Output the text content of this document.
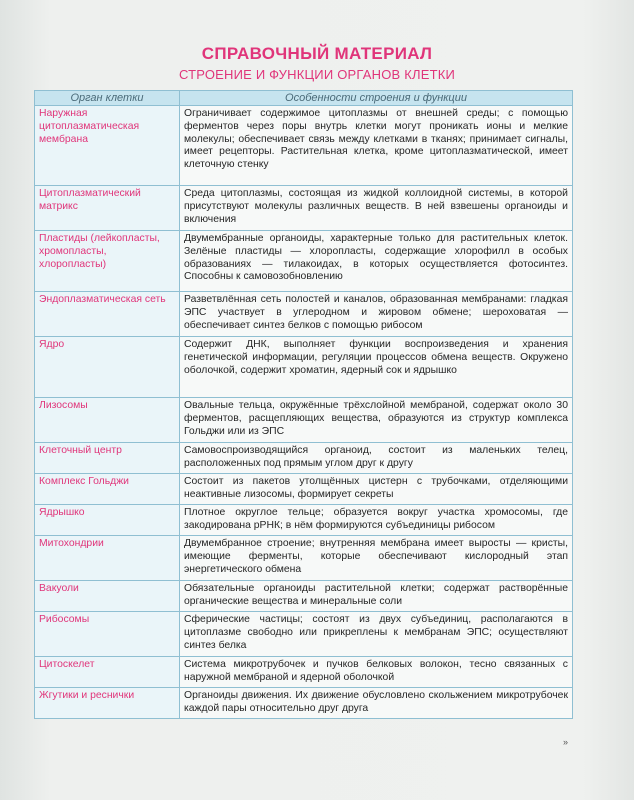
СПРАВОЧНЫЙ МАТЕРИАЛ
СТРОЕНИЕ И ФУНКЦИИ ОРГАНОВ КЛЕТКИ
Орган клетки	Особенности строения и функции
Наружная цитоплазматическая мембрана	Ограничивает содержимое цитоплазмы от внешней среды; с помощью ферментов через поры внутрь клетки могут проникать ионы и мелкие молекулы; обеспечивает связь между клетками в тканях; принимает сигналы, имеет рецепторы. Растительная клетка, кроме цитоплазматической, имеет клеточную стенку
Цитоплазматический матрикс	Среда цитоплазмы, состоящая из жидкой коллоидной системы, в которой присутствуют молекулы различных веществ. В ней взвешены органоиды и включения
Пластиды (лейкопласты, хромопласты, хлоропласты)	Двумембранные органоиды, характерные только для растительных клеток. Зелёные пластиды — хлоропласты, содержащие хлорофилл в особых образованиях — тилакоидах, в которых осуществляется фотосинтез. Способны к самовозобновлению
Эндоплазматическая сеть	Разветвлённая сеть полостей и каналов, образованная мембранами: гладкая ЭПС участвует в углеродном и жировом обмене; шероховатая — обеспечивает синтез белков с помощью рибосом
Ядро	Содержит ДНК, выполняет функции воспроизведения и хранения генетической информации, регуляции процессов обмена веществ. Окружено оболочкой, содержит хроматин, ядерный сок и ядрышко
Лизосомы	Овальные тельца, окружённые трёхслойной мембраной, содержат около 30 ферментов, расщепляющих вещества, образуются из структур комплекса Гольджи или из ЭПС
Клеточный центр	Самовоспроизводящийся органоид, состоит из маленьких телец, расположенных под прямым углом друг к другу
Комплекс Гольджи	Состоит из пакетов утолщённых цистерн с трубочками, отделяющими неактивные лизосомы, формирует секреты
Ядрышко	Плотное округлое тельце; образуется вокруг участка хромосомы, где закодирована рРНК; в нём формируются субъединицы рибосом
Митохондрии	Двумембранное строение; внутренняя мембрана имеет выросты — кристы, имеющие ферменты, которые обеспечивают кислородный этап энергетического обмена
Вакуоли	Обязательные органоиды растительной клетки; содержат растворённые органические вещества и минеральные соли
Рибосомы	Сферические частицы; состоят из двух субъединиц, располагаются в цитоплазме свободно или прикреплены к мембранам ЭПС; осуществляют синтез белка
Цитоскелет	Система микротрубочек и пучков белковых волокон, тесно связанных с наружной мембраной и ядерной оболочкой
Жгутики и реснички	Органоиды движения. Их движение обусловлено скольжением микротрубочек каждой пары относительно друг друга
»
